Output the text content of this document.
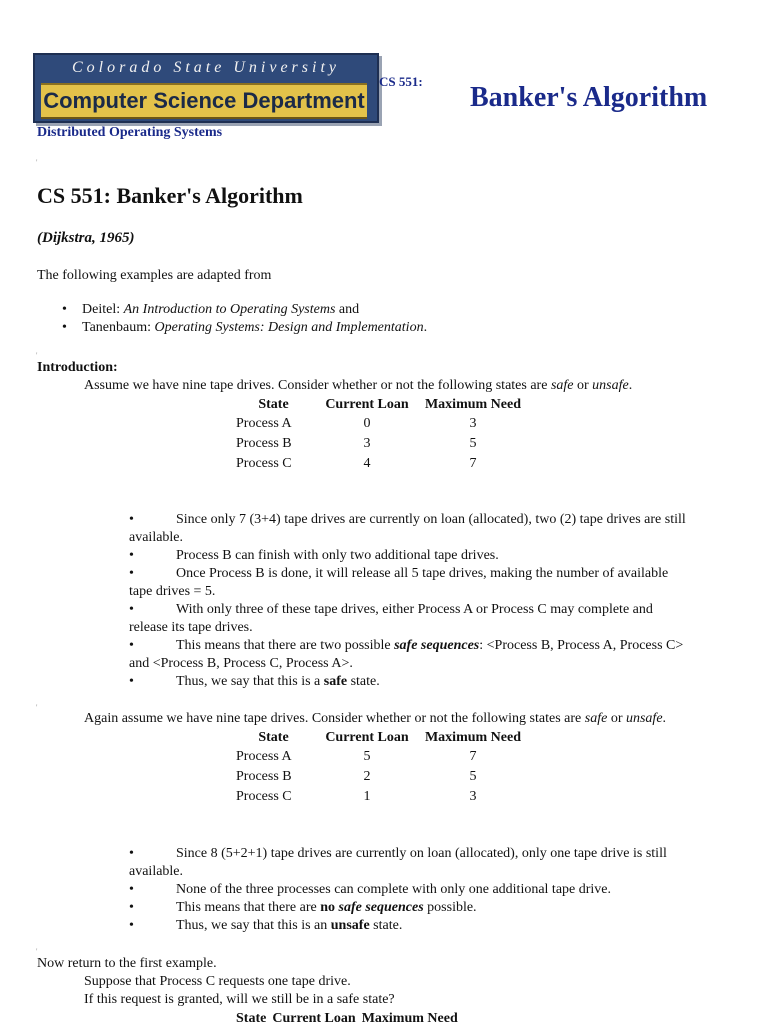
Colorado State University
Computer Science Department
CS 551:
Banker's Algorithm
Distributed Operating Systems
'
CS 551: Banker's Algorithm
(Dijkstra, 1965)
The following examples are adapted from
• Deitel: An Introduction to Operating Systems and
• Tanenbaum: Operating Systems: Design and Implementation.
'
Introduction:
Assume we have nine tape drives. Consider whether or not the following states are safe or unsafe.
State	Current Loan	Maximum Need
Process A	0	3
Process B	3	5
Process C	4	7
•	Since only 7 (3+4) tape drives are currently on loan (allocated), two (2) tape drives are still
available.
•	Process B can finish with only two additional tape drives.
•	Once Process B is done, it will release all 5 tape drives, making the number of available
tape drives = 5.
•	With only three of these tape drives, either Process A or Process C may complete and
release its tape drives.
•	This means that there are two possible safe sequences: <Process B, Process A, Process C>
and <Process B, Process C, Process A>.
•	Thus, we say that this is a safe state.
'
Again assume we have nine tape drives. Consider whether or not the following states are safe or unsafe.
State	Current Loan	Maximum Need
Process A	5	7
Process B	2	5
Process C	1	3
•	Since 8 (5+2+1) tape drives are currently on loan (allocated), only one tape drive is still
available.
•	None of the three processes can complete with only one additional tape drive.
•	This means that there are no safe sequences possible.
•	Thus, we say that this is an unsafe state.
'
Now return to the first example.
Suppose that Process C requests one tape drive.
If this request is granted, will we still be in a safe state?
State	Current Loan	Maximum Need
